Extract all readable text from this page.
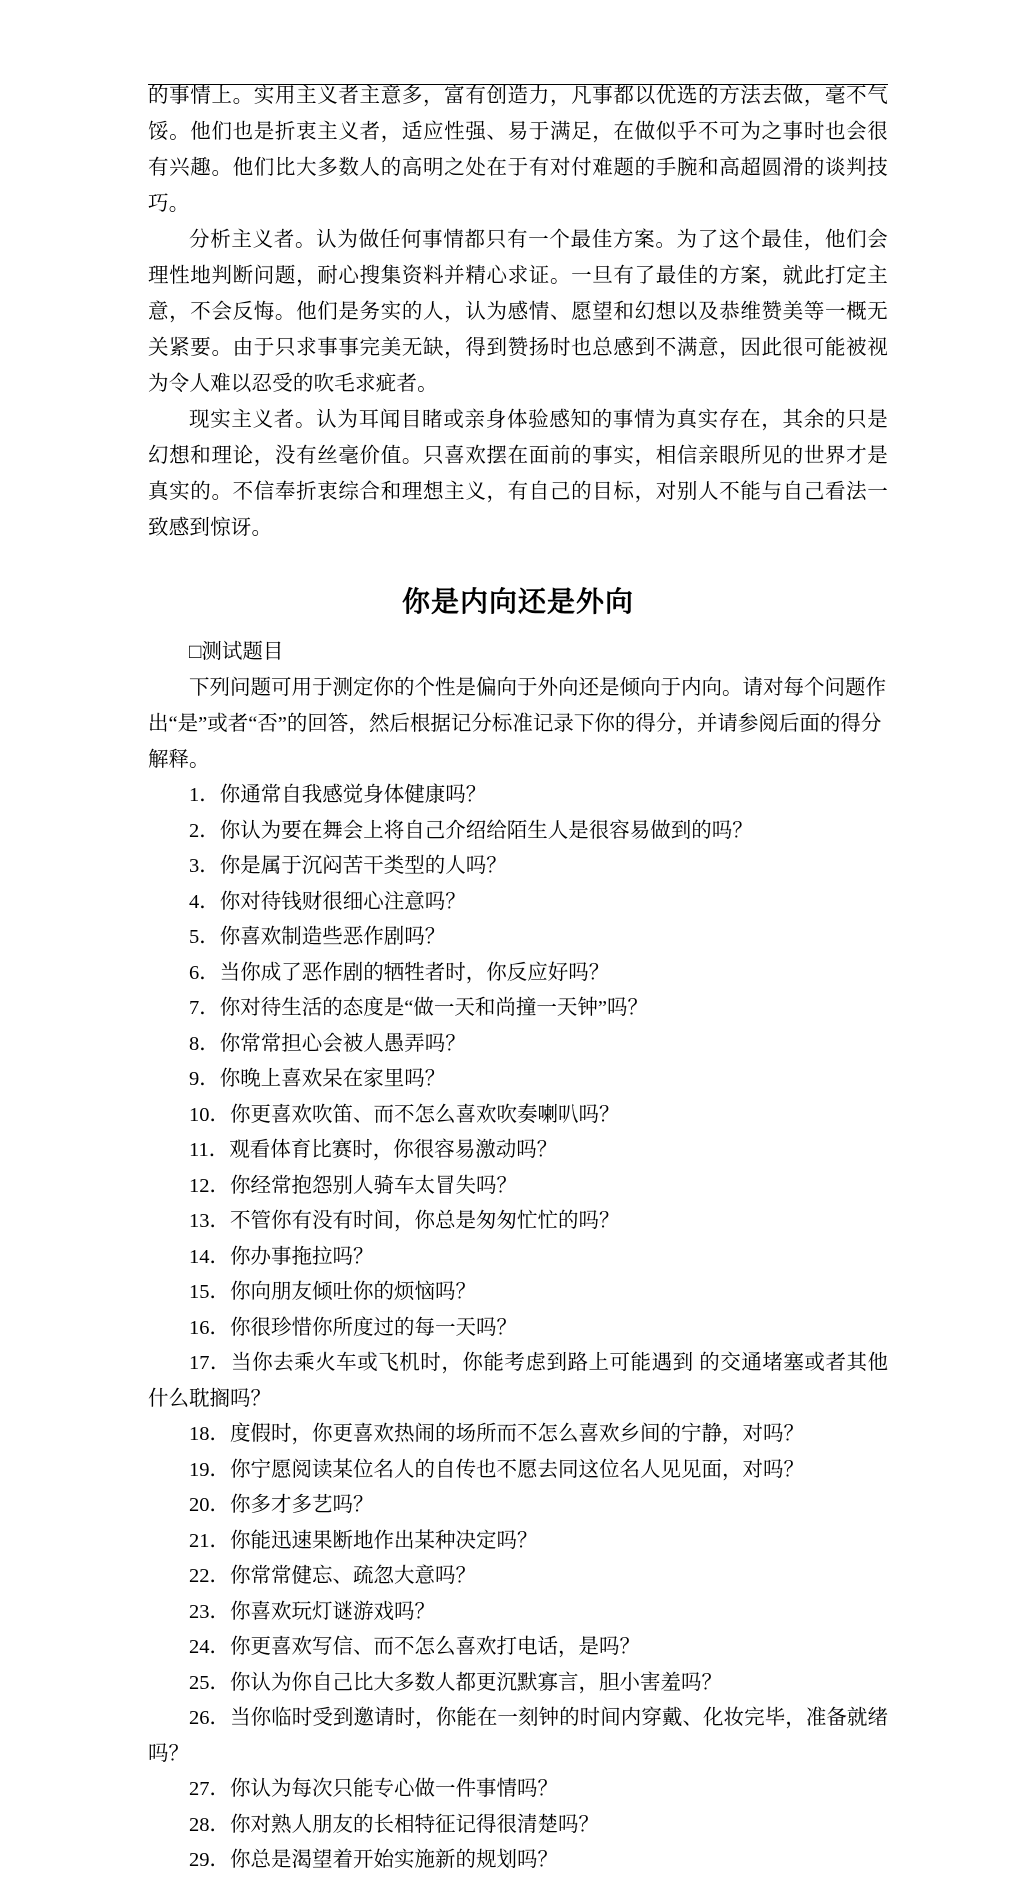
的事情上。实用主义者主意多，富有创造力，凡事都以优选的方法去做，毫不气馁。他们也是折衷主义者，适应性强、易于满足，在做似乎不可为之事时也会很有兴趣。他们比大多数人的高明之处在于有对付难题的手腕和高超圆滑的谈判技巧。

分析主义者。认为做任何事情都只有一个最佳方案。为了这个最佳，他们会理性地判断问题，耐心搜集资料并精心求证。一旦有了最佳的方案，就此打定主意，不会反悔。他们是务实的人，认为感情、愿望和幻想以及恭维赞美等一概无关紧要。由于只求事事完美无缺，得到赞扬时也总感到不满意，因此很可能被视为令人难以忍受的吹毛求疵者。

现实主义者。认为耳闻目睹或亲身体验感知的事情为真实存在，其余的只是幻想和理论，没有丝毫价值。只喜欢摆在面前的事实，相信亲眼所见的世界才是真实的。不信奉折衷综合和理想主义，有自己的目标，对别人不能与自己看法一致感到惊讶。

你是内向还是外向

□测试题目

下列问题可用于测定你的个性是偏向于外向还是倾向于内向。请对每个问题作出“是”或者“否”的回答，然后根据记分标准记录下你的得分，并请参阅后面的得分解释。

1．你通常自我感觉身体健康吗？
2．你认为要在舞会上将自己介绍给陌生人是很容易做到的吗？
3．你是属于沉闷苦干类型的人吗？
4．你对待钱财很细心注意吗？
5．你喜欢制造些恶作剧吗？
6．当你成了恶作剧的牺牲者时，你反应好吗？
7．你对待生活的态度是“做一天和尚撞一天钟”吗？
8．你常常担心会被人愚弄吗？
9．你晚上喜欢呆在家里吗？
10．你更喜欢吹笛、而不怎么喜欢吹奏喇叭吗？
11．观看体育比赛时，你很容易激动吗？
12．你经常抱怨别人骑车太冒失吗？
13．不管你有没有时间，你总是匆匆忙忙的吗？
14．你办事拖拉吗？
15．你向朋友倾吐你的烦恼吗？
16．你很珍惜你所度过的每一天吗？
17．当你去乘火车或飞机时，你能考虑到路上可能遇到 的交通堵塞或者其他什么耽搁吗？
18．度假时，你更喜欢热闹的场所而不怎么喜欢乡间的宁静，对吗？
19．你宁愿阅读某位名人的自传也不愿去同这位名人见见面，对吗？
20．你多才多艺吗？
21．你能迅速果断地作出某种决定吗？
22．你常常健忘、疏忽大意吗？
23．你喜欢玩灯谜游戏吗？
24．你更喜欢写信、而不怎么喜欢打电话，是吗？
25．你认为你自己比大多数人都更沉默寡言，胆小害羞吗？
26．当你临时受到邀请时，你能在一刻钟的时间内穿戴、化妆完毕，准备就绪吗？
27．你认为每次只能专心做一件事情吗？
28．你对熟人朋友的长相特征记得很清楚吗？
29．你总是渴望着开始实施新的规划吗？
